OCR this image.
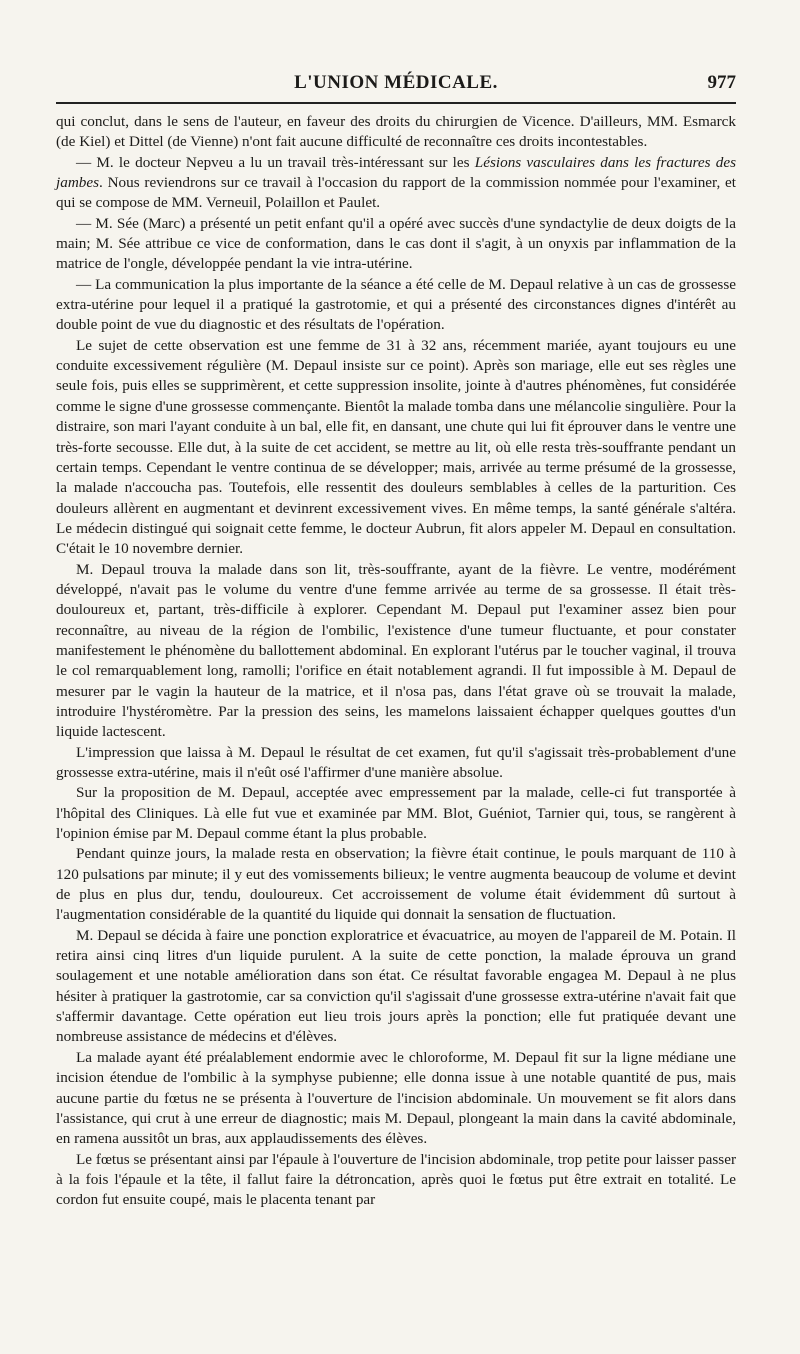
L'UNION MÉDICALE.	977

qui conclut, dans le sens de l'auteur, en faveur des droits du chirurgien de Vicence. D'ailleurs, MM. Esmarck (de Kiel) et Dittel (de Vienne) n'ont fait aucune difficulté de reconnaître ces droits incontestables.

— M. le docteur Nepveu a lu un travail très-intéressant sur les Lésions vasculaires dans les fractures des jambes. Nous reviendrons sur ce travail à l'occasion du rapport de la commission nommée pour l'examiner, et qui se compose de MM. Verneuil, Polaillon et Paulet.

— M. Sée (Marc) a présenté un petit enfant qu'il a opéré avec succès d'une syndactylie de deux doigts de la main; M. Sée attribue ce vice de conformation, dans le cas dont il s'agit, à un onyxis par inflammation de la matrice de l'ongle, développée pendant la vie intra-utérine.

— La communication la plus importante de la séance a été celle de M. Depaul relative à un cas de grossesse extra-utérine pour lequel il a pratiqué la gastrotomie, et qui a présenté des circonstances dignes d'intérêt au double point de vue du diagnostic et des résultats de l'opération.

Le sujet de cette observation est une femme de 31 à 32 ans, récemment mariée, ayant toujours eu une conduite excessivement régulière (M. Depaul insiste sur ce point). Après son mariage, elle eut ses règles une seule fois, puis elles se supprimèrent, et cette suppression insolite, jointe à d'autres phénomènes, fut considérée comme le signe d'une grossesse commençante. Bientôt la malade tomba dans une mélancolie singulière. Pour la distraire, son mari l'ayant conduite à un bal, elle fit, en dansant, une chute qui lui fit éprouver dans le ventre une très-forte secousse. Elle dut, à la suite de cet accident, se mettre au lit, où elle resta très-souffrante pendant un certain temps. Cependant le ventre continua de se développer; mais, arrivée au terme présumé de la grossesse, la malade n'accoucha pas. Toutefois, elle ressentit des douleurs semblables à celles de la parturition. Ces douleurs allèrent en augmentant et devinrent excessivement vives. En même temps, la santé générale s'altéra. Le médecin distingué qui soignait cette femme, le docteur Aubrun, fit alors appeler M. Depaul en consultation. C'était le 10 novembre dernier.

M. Depaul trouva la malade dans son lit, très-souffrante, ayant de la fièvre. Le ventre, modérément développé, n'avait pas le volume du ventre d'une femme arrivée au terme de sa grossesse. Il était très-douloureux et, partant, très-difficile à explorer. Cependant M. Depaul put l'examiner assez bien pour reconnaître, au niveau de la région de l'ombilic, l'existence d'une tumeur fluctuante, et pour constater manifestement le phénomène du ballottement abdominal. En explorant l'utérus par le toucher vaginal, il trouva le col remarquablement long, ramolli; l'orifice en était notablement agrandi. Il fut impossible à M. Depaul de mesurer par le vagin la hauteur de la matrice, et il n'osa pas, dans l'état grave où se trouvait la malade, introduire l'hystéromètre. Par la pression des seins, les mamelons laissaient échapper quelques gouttes d'un liquide lactescent.

L'impression que laissa à M. Depaul le résultat de cet examen, fut qu'il s'agissait très-probablement d'une grossesse extra-utérine, mais il n'eût osé l'affirmer d'une manière absolue.

Sur la proposition de M. Depaul, acceptée avec empressement par la malade, celle-ci fut transportée à l'hôpital des Cliniques. Là elle fut vue et examinée par MM. Blot, Guéniot, Tarnier qui, tous, se rangèrent à l'opinion émise par M. Depaul comme étant la plus probable.

Pendant quinze jours, la malade resta en observation; la fièvre était continue, le pouls marquant de 110 à 120 pulsations par minute; il y eut des vomissements bilieux; le ventre augmenta beaucoup de volume et devint de plus en plus dur, tendu, douloureux. Cet accroissement de volume était évidemment dû surtout à l'augmentation considérable de la quantité du liquide qui donnait la sensation de fluctuation.

M. Depaul se décida à faire une ponction exploratrice et évacuatrice, au moyen de l'appareil de M. Potain. Il retira ainsi cinq litres d'un liquide purulent. A la suite de cette ponction, la malade éprouva un grand soulagement et une notable amélioration dans son état. Ce résultat favorable engagea M. Depaul à ne plus hésiter à pratiquer la gastrotomie, car sa conviction qu'il s'agissait d'une grossesse extra-utérine n'avait fait que s'affermir davantage. Cette opération eut lieu trois jours après la ponction; elle fut pratiquée devant une nombreuse assistance de médecins et d'élèves.

La malade ayant été préalablement endormie avec le chloroforme, M. Depaul fit sur la ligne médiane une incision étendue de l'ombilic à la symphyse pubienne; elle donna issue à une notable quantité de pus, mais aucune partie du fœtus ne se présenta à l'ouverture de l'incision abdominale. Un mouvement se fit alors dans l'assistance, qui crut à une erreur de diagnostic; mais M. Depaul, plongeant la main dans la cavité abdominale, en ramena aussitôt un bras, aux applaudissements des élèves.

Le fœtus se présentant ainsi par l'épaule à l'ouverture de l'incision abdominale, trop petite pour laisser passer à la fois l'épaule et la tête, il fallut faire la détroncation, après quoi le fœtus put être extrait en totalité. Le cordon fut ensuite coupé, mais le placenta tenant par
